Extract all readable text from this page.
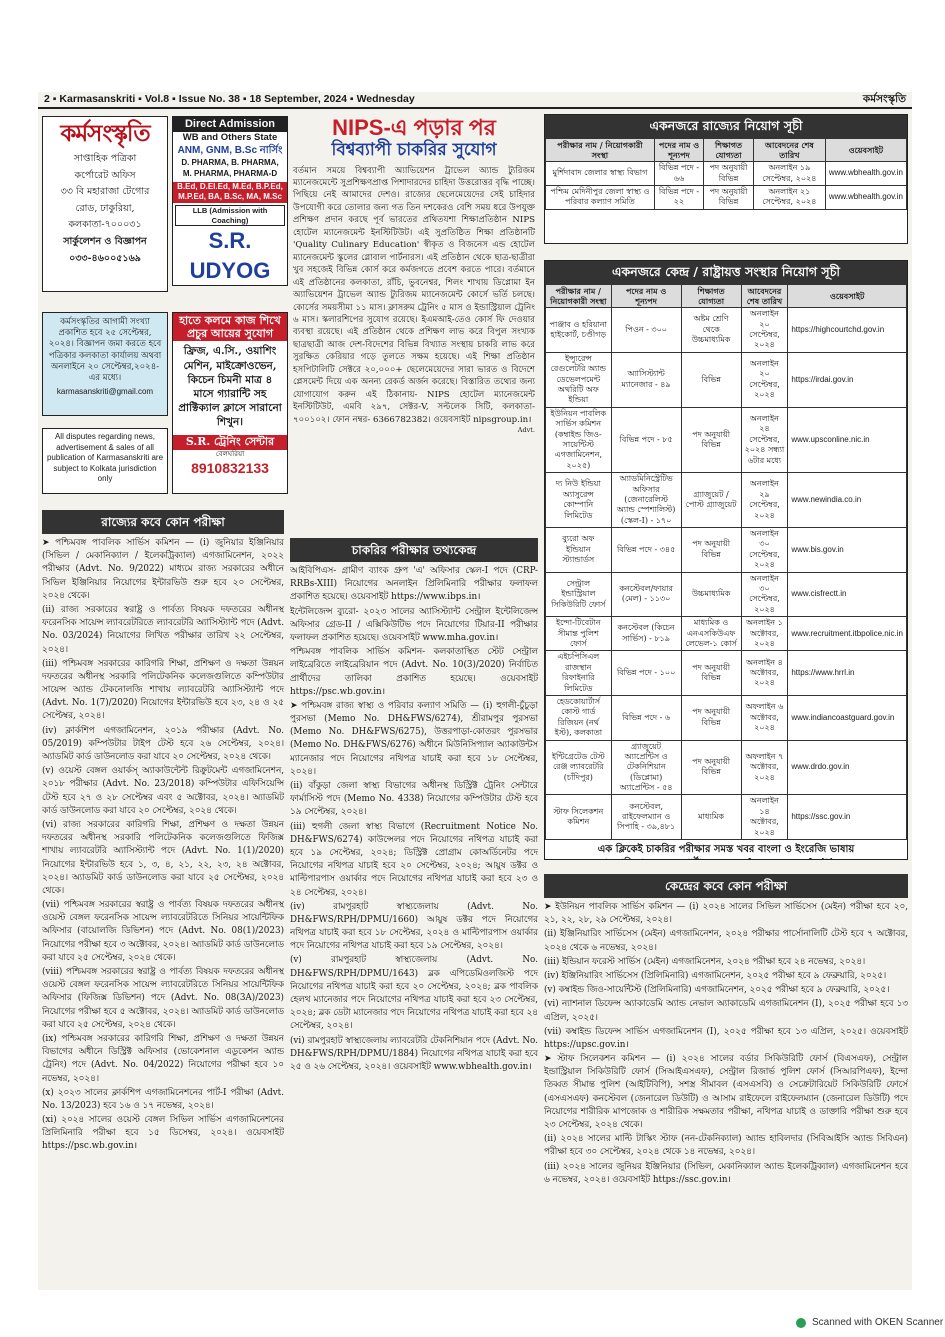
2 ▪ Karmasanskriti ▪ Vol.8 ▪ Issue No. 38 ▪ 18 September, 2024 ▪ Wednesday	কর্মসংস্কৃতি
কর্মসংস্কৃতি
সাপ্তাহিক পত্রিকা
কর্পোরেট অফিস
৩৩ বি মহারাজা টেগোর
রোড, ঢাকুরিয়া,
কলকাতা-৭০০০৩১
সার্কুলেশন ও বিজ্ঞাপন
০৩৩-৪৬০০৫১৬৯
Direct Admission
WB and Others State
ANM, GNM, B.Sc নার্সিং
D. PHARMA, B. PHARMA,
M. PHARMA, PHARMA-D
B.Ed, D.El.Ed, M.Ed, B.P.Ed,
M.P.Ed, BA, B.Sc, MA, M.Sc
LLB (Admission with Coaching)
S.R. UDYOG
কর্মসংস্কৃতির আগামী সংখ্যা প্রকাশিত হবে ২৫ সেপ্টেম্বর, ২০২৪। বিজ্ঞাপন জমা করতে হবে পত্রিকার কলকাতা কার্যালয় অথবা অনলাইনে ২০ সেপ্টেম্বর,২০২৪-এর মধ্যে।
karmasanskriti@gmail.com
All disputes regarding news, advertisement & sales of all publication of Karmasanskriti are subject to Kolkata jurisdiction only
হাতে কলমে কাজ শিখে
প্রচুর আয়ের সুযোগ
ফ্রিজ, এ.সি., ওয়াশিং মেশিন, মাইক্রোওভেন, কিচেন চিমনী মাত্র ৪ মাসে গ্যারান্টি সহ প্রাক্টিক্যাল ক্লাসে সারানো শিখুন।
S.R. ট্রেনিং সেন্টার
বেলঘরিয়া
8910832133
NIPS-এ পড়ার পর
বিশ্বব্যাপী চাকরির সুযোগ

বর্তমান সময়ে বিশ্বব্যাপী অ্যাভিয়েশন ট্রাভেল অ্যান্ড ট্যুরিজম ম্যানেজমেন্টে সুপ্রশিক্ষণপ্রাপ্ত পিশাদারদের চাহিদা উত্তরোত্তর বৃদ্ধি পাচ্ছে। পিছিয়ে নেই আমাদের দেশও। রাজ্যের ছেলেমেয়েদের সেই চাহিদার উপযোগী করে তোলার জন্য গত তিন দশকেরও বেশি সময় ধরে উপযুক্ত প্রশিক্ষণ প্রদান করছে পূর্ব ভারতের প্রথিতযশা শিক্ষাপ্রতিষ্ঠান NIPS হোটেল ম্যানেজমেন্ট ইনস্টিটিউট। এই সুপ্রতিষ্ঠিত শিক্ষা প্রতিষ্ঠানটি 'Quality Culinary Education' স্বীকৃত ও বিজনেস এন্ড হোটেল ম্যানেজমেন্ট স্কুলের গ্লোবাল পার্টনারস। এই প্রতিষ্ঠান থেকে ছাত্র-ছাত্রীরা খুব সহজেই বিভিন্ন কোর্স করে কর্মজগতে প্রবেশ করতে পারে। বর্তমানে এই প্রতিষ্ঠানের কলকাতা, রাঁচি, ভুবনেশ্বর, শিলং শাখায় ডিপ্লোমা ইন অ্যাভিয়েশন ট্রাভেল অ্যান্ড ট্যুরিজম ম্যানেজমেন্ট কোর্সে ভর্তি চলছে। কোর্সের সময়সীমা ১১ মাস। ক্লাসরুম ট্রেনিং ৫ মাস ও ইন্ডাস্ট্রিয়াল ট্রেনিং ৬ মাস। স্কলারশিপের সুযোগ রয়েছে। ইএমআই-তেও কোর্স ফি দেওয়ার ব্যবস্থা রয়েছে। এই প্রতিষ্ঠান থেকে প্রশিক্ষণ লাভ করে বিপুল সংখ্যক ছাত্রছাত্রী আজ দেশ-বিদেশের বিভিন্ন বিখ্যাত সংস্থায় চাকরি লাভ করে সুরক্ষিত কেরিয়ার গড়ে তুলতে সক্ষম হয়েছে। এই শিক্ষা প্রতিষ্ঠান হসপিটালিটি সেক্টরে ২০,০০০+ ছেলেমেয়েদের সারা ভারত ও বিদেশে প্লেসমেন্ট দিয়ে এক অনন্য রেকর্ড অর্জন করেছে। বিস্তারিত তথ্যের জন্য যোগাযোগ করুন এই ঠিকানায়- NIPS হোটেল ম্যানেজমেন্ট ইনস্টিটিউট, এমবি ২৯৭, সেক্টর-V, সল্টলেক সিটি, কলকাতা- ৭০০১০২। ফোন নম্বর- 6366782382। ওয়েবসাইট nipsgroup.in।

Advt.
রাজ্যের কবে কোন পরীক্ষা

➤ পশ্চিমবঙ্গ পাবলিক সার্ভিস কমিশন — (i) জুনিয়ার ইঞ্জিনিয়ার (সিভিল / মেকানিক্যাল / ইলেকট্রিক্যাল) এগজামিনেশন, ২০২২ পরীক্ষার (Advt. No. 9/2022) মাধ্যমে রাজ্য সরকারের অধীনে সিভিল ইঞ্জিনিয়ার নিয়োগের ইন্টারভিউ শুরু হবে ২০ সেপ্টেম্বর, ২০২৪ থেকে।

(ii) রাজ্য সরকারের স্বরাষ্ট্র ও পার্বত্য বিষয়ক দফতরের অধীনস্থ ফরেনসিক সায়েন্স ল্যাবরেটরিতে ল্যাবরেটরি অ্যাসিস্ট্যান্ট পদে (Advt. No. 03/2024) নিয়োগের লিখিত পরীক্ষার তারিখ ২২ সেপ্টেম্বর, ২০২৪।

(iii) পশ্চিমবঙ্গ সরকারের কারিগরি শিক্ষা, প্রশিক্ষণ ও দক্ষতা উন্নয়ন দফতরের অধীনস্থ সরকারি পলিটেকনিক কলেজগুলিতে কম্পিউটার সায়েন্স অ্যান্ড টেকনোলজি শাখায় ল্যাবরেটরি অ্যাসিস্ট্যান্ট পদে (Advt. No. 1(7)/2020) নিয়োগের ইন্টারভিউ হবে ২৩, ২৪ ও ২৫ সেপ্টেম্বর, ২০২৪।

(iv) ক্লার্কশিপ এগজামিনেশন, ২০১৯ পরীক্ষার (Advt. No. 05/2019) কম্পিউটার টাইপ টেস্ট হবে ২৬ সেপ্টেম্বর, ২০২৪। অ্যাডমিট কার্ড ডাউনলোড করা যাবে ২০ সেপ্টেম্বর, ২০২৪ থেকে।

(v) ওয়েস্ট বেঙ্গল ওয়ার্কস্ অ্যাকাউন্টেন্ট রিক্রুটমেন্ট এগজামিনেশন, ২০১৮ পরীক্ষার (Advt. No. 23/2018) কম্পিউটার এফিসিয়েন্সি টেস্ট হবে ২৭ ও ২৮ সেপ্টেম্বর এবং ৫ অক্টোবর, ২০২৪। অ্যাডমিট কার্ড ডাউনলোড করা যাবে ২০ সেপ্টেম্বর, ২০২৪ থেকে।

(vi) রাজ্য সরকারের কারিগরি শিক্ষা, প্রশিক্ষণ ও দক্ষতা উন্নয়ন দফতরের অধীনস্থ সরকারি পলিটেকনিক কলেজগুলিতে ফিজিক্স শাখায় ল্যাবরেটরি অ্যাসিস্ট্যান্ট পদে (Advt. No. 1(1)/2020) নিয়োগের ইন্টারভিউ হবে ১, ৩, ৪, ২১, ২২, ২৩, ২৪ অক্টোবর, ২০২৪। অ্যাডমিট কার্ড ডাউনলোড করা যাবে ২৫ সেপ্টেম্বর, ২০২৪ থেকে।

(vii) পশ্চিমবঙ্গ সরকারের স্বরাষ্ট্র ও পার্বত্য বিষয়ক দফতরের অধীনস্থ ওয়েস্ট বেঙ্গল ফরেনসিক সায়েন্স ল্যাবরেটরিতে সিনিয়র সায়েন্টিফিক অফিসার (বায়োলজি ডিভিশন) পদে (Advt. No. 08(1)/2023) নিয়োগের পরীক্ষা হবে ৩ অক্টোবর, ২০২৪। অ্যাডমিট কার্ড ডাউনলোড করা যাবে ২৫ সেপ্টেম্বর, ২০২৪ থেকে।

(viii) পশ্চিমবঙ্গ সরকারের স্বরাষ্ট্র ও পার্বত্য বিষয়ক দফতরের অধীনস্থ ওয়েস্ট বেঙ্গল ফরেনসিক সায়েন্স ল্যাবরেটরিতে সিনিয়র সায়েন্টিফিক অফিসার (ফিজিক্স ডিভিশন) পদে (Advt. No. 08(3A)/2023) নিয়োগের পরীক্ষা হবে ৫ অক্টোবর, ২০২৪। অ্যাডমিট কার্ড ডাউনলোড করা যাবে ২৫ সেপ্টেম্বর, ২০২৪ থেকে।

(ix) পশ্চিমবঙ্গ সরকারের কারিগরি শিক্ষা, প্রশিক্ষণ ও দক্ষতা উন্নয়ন বিভাগের অধীনে ডিস্ট্রিক্ট অফিসার (ভোকেশনাল এডুকেশন অ্যান্ড ট্রেনিং) পদে (Advt. No. 04/2022) নিয়োগের পরীক্ষা হবে ১০ নভেম্বর, ২০২৪।

(x) ২০২৩ সালের ক্লার্কশিপ এগজামিনেশনের পার্ট-I পরীক্ষা (Advt. No. 13/2023) হবে ১৬ ও ১৭ নভেম্বর, ২০২৪।

(xi) ২০২৪ সালের ওয়েস্ট বেঙ্গল সিভিল সার্ভিস এগজামিনেশনের প্রিলিমিনারি পরীক্ষা হবে ১৫ ডিসেম্বর, ২০২৪। ওয়েবসাইট https://psc.wb.gov.in।

চাকরির পরীক্ষার তথ্যকেন্দ্র

আইবিপিএস- গ্রামীণ ব্যাংক গ্রুপ 'এ' অফিসার স্কেল-I পদে (CRP-RRBs-XIII) নিয়োগের অনলাইন প্রিলিমিনারি পরীক্ষার ফলাফল প্রকাশিত হয়েছে। ওয়েবসাইট https://www.ibps.in।

ইন্টেলিজেন্স ব্যুরো- ২০২৩ সালের অ্যাসিস্ট্যান্ট সেন্ট্রাল ইন্টেলিজেন্স অফিসার গ্রেড-II / এক্সিকিউটিভ পদে নিয়োগের টিয়ার-II পরীক্ষার ফলাফল প্রকাশিত হয়েছে। ওয়েবসাইট www.mha.gov.in।

পশ্চিমবঙ্গ পাবলিক সার্ভিস কমিশন- কলকাতাস্থিত স্টেট সেন্ট্রাল লাইব্রেরিতে লাইব্রেরিয়ান পদে (Advt. No. 10(3)/2020) নির্বাচিত প্রার্থীদের তালিকা প্রকাশিত হয়েছে। ওয়েবসাইট https://psc.wb.gov.in।

➤ পশ্চিমবঙ্গ রাজ্য স্বাস্থ্য ও পরিবার কল্যাণ সমিতি — (i) হুগলী-চুঁচুড়া পুরসভা (Memo No. DH&FWS/6274), শ্রীরামপুর পুরসভা (Memo No. DH&FWS/6275), উত্তরপাড়া-কোতরং পুরসভার (Memo No. DH&FWS/6276) অধীনে মিউনিসিপ্যাল অ্যাকাউন্টস ম্যানেজার পদে নিয়োগের নথিপত্র যাচাই করা হবে ১৮ সেপ্টেম্বর, ২০২৪।

(ii) বাঁকুড়া জেলা স্বাস্থ্য বিভাগের অধীনস্থ ডিস্ট্রিক্ট ট্রেনিং সেন্টারে ফার্মাসিস্ট পদে (Memo No. 4338) নিয়োগের কম্পিউটার টেস্ট হবে ১৯ সেপ্টেম্বর, ২০২৪।

(iii) হুগলী জেলা স্বাস্থ্য বিভাগে (Recruitment Notice No. DH&FWS/6274) কাউন্সেলর পদে নিয়োগের নথিপত্র যাচাই করা হবে ১৯ সেপ্টেম্বর, ২০২৪; ডিস্ট্রিক্ট প্রোগ্রাম কোঅর্ডিনেটর পদে নিয়োগের নথিপত্র যাচাই হবে ২০ সেপ্টেম্বর, ২০২৪; আয়ুষ ডক্টর ও মাল্টিপারপাস ওয়ার্কার পদে নিয়োগের নথিপত্র যাচাই করা হবে ২৩ ও ২৪ সেপ্টেম্বর, ২০২৪।

(iv) রামপুরহাট স্বাস্থ্যজেলায় (Advt. No. DH&FWS/RPH/DPMU/1660) আয়ুষ ডক্টর পদে নিয়োগের নথিপত্র যাচাই করা হবে ১৮ সেপ্টেম্বর, ২০২৪ ও মাল্টিপারপাস ওয়ার্কার পদে নিয়োগের নথিপত্র যাচাই করা হবে ১৯ সেপ্টেম্বর, ২০২৪।

(v) রামপুরহাট স্বাস্থ্যজেলায় (Advt. No. DH&FWS/RPH/DPMU/1643) ব্লক এপিডেমিওলজিস্ট পদে নিয়োগের নথিপত্র যাচাই করা হবে ২০ সেপ্টেম্বর, ২০২৪; ব্লক পাবলিক হেলথ ম্যানেজার পদে নিয়োগের নথিপত্র যাচাই করা হবে ২৩ সেপ্টেম্বর, ২০২৪; ব্লক ডেটা ম্যানেজার পদে নিয়োগের নথিপত্র যাচাই করা হবে ২৪ সেপ্টেম্বর, ২০২৪।

(vi) রামপুরহাট স্বাস্থ্যজেলায় ল্যাবরেটরি টেকনিশিয়ান পদে (Advt. No. DH&FWS/RPH/DPMU/1884) নিয়োগের নথিপত্র যাচাই করা হবে ২৫ ও ২৬ সেপ্টেম্বর, ২০২৪। ওয়েবসাইট www.wbhealth.gov.in।

একনজরে রাজ্যের নিয়োগ সূচী
পরীক্ষার নাম / নিয়োগকারী সংস্থা	পদের নাম ও শূন্যপদ	শিক্ষাগত যোগ্যতা	আবেদনের শেষ তারিখ	ওয়েবসাইট
মুর্শিদাবাদ জেলার স্বাস্থ্য বিভাগ	বিভিন্ন পদে - ৬৬	পদ অনুযায়ী বিভিন্ন	অনলাইন ১৯ সেপ্টেম্বর, ২০২৪	www.wbhealth.gov.in
পশ্চিম মেদিনীপুর জেলা স্বাস্থ্য ও পরিবার কল্যাণ সমিতি	বিভিন্ন পদে - ২২	পদ অনুযায়ী বিভিন্ন	অনলাইন ২১ সেপ্টেম্বর, ২০২৪	www.wbhealth.gov.in
একনজরে কেন্দ্র / রাষ্ট্রায়ত্ত সংস্থার নিয়োগ সূচী
পরীক্ষার নাম / নিয়োগকারী সংস্থা	পদের নাম ও শূন্যপদ	শিক্ষাগত যোগ্যতা	আবেদনের শেষ তারিখ	ওয়েবসাইট
পাঞ্জাব ও হরিয়ানা হাইকোর্ট, চণ্ডীগড়	পিওন - ৩০০	অষ্টম শ্রেণি থেকে উচ্চমাধ্যমিক	অনলাইন ২০ সেপ্টেম্বর, ২০২৪	https://highcourtchd.gov.in
ইন্স্যুরেন্স রেগুলেটরি অ্যান্ড ডেভেলপমেন্ট অথরিটি অফ ইন্ডিয়া	অ্যাসিস্ট্যান্ট ম্যানেজার - ৪৯	বিভিন্ন	অনলাইন ২০ সেপ্টেম্বর, ২০২৪	https://irdai.gov.in
ইউনিয়ন পাবলিক সার্ভিস কমিশন (কম্বাইন্ড জিও-সায়েন্টিস্ট এগজামিনেশন, ২০২৫)	বিভিন্ন পদে - ৮৫	পদ অনুযায়ী বিভিন্ন	অনলাইন ২৪ সেপ্টেম্বর, ২০২৪ সন্ধ্যা ৬টার মধ্যে	www.upsconline.nic.in
দ্য নিউ ইন্ডিয়া অ্যাসুরেন্স কোম্পানি লিমিটেড	অ্যাডমিনিস্ট্রেটিভ অফিসার (জেনারেলিস্ট অ্যান্ড স্পেশালিস্ট) (স্কেল-I) - ১৭০	গ্র্যাজুয়েট / পোস্ট গ্র্যাজুয়েট	অনলাইন ২৯ সেপ্টেম্বর, ২০২৪	www.newindia.co.in
ব্যুরো অফ ইন্ডিয়ান স্ট্যান্ডার্ডস	বিভিন্ন পদে - ৩৪৫	পদ অনুযায়ী বিভিন্ন	অনলাইন ৩০ সেপ্টেম্বর, ২০২৪	www.bis.gov.in
সেন্ট্রাল ইন্ডাস্ট্রিয়াল সিকিউরিটি ফোর্স	কনস্টেবল/ফায়ার (মেল) - ১১৩০	উচ্চমাধ্যমিক	অনলাইন ৩০ সেপ্টেম্বর, ২০২৪	www.cisfrectt.in
ইন্দো-টিবেটান সীমান্ত পুলিশ ফোর্স	কনস্টেবল (কিচেন সার্ভিস) - ৮১৯	মাধ্যমিক ও এনএসকিউএফ লেভেল-১ কোর্স	অনলাইন ১ অক্টোবর, ২০২৪	www.recruitment.itbpolice.nic.in
এইচপিসিএল রাজস্থান রিফাইনারি লিমিটেড	বিভিন্ন পদে - ১০০	পদ অনুযায়ী বিভিন্ন	অনলাইন ৪ অক্টোবর, ২০২৪	https://www.hrrl.in
হেডকোয়ার্টার্স কোস্ট গার্ড রিজিয়ন (নর্থ ইস্ট), কলকাতা	বিভিন্ন পদে - ৬	পদ অনুযায়ী বিভিন্ন	অফলাইন ৬ অক্টোবর, ২০২৪	www.indiancoastguard.gov.in
ইন্টিগ্রেটেড টেস্ট রেঞ্জ ল্যাবরেটরি (চাঁদিপুর)	গ্র্যাজুয়েট অ্যাপ্রেন্টিস ও টেকনিশিয়ান (ডিপ্লোমা) অ্যাপ্রেন্টিস - ৫৪	পদ অনুযায়ী বিভিন্ন	অফলাইন ৭ অক্টোবর, ২০২৪	www.drdo.gov.in
স্টাফ সিলেকশন কমিশন	কনস্টেবল, রাইফেলম্যান ও সিপাহি - ৩৯,৪৮১	মাধ্যমিক	অনলাইন ১৪ অক্টোবর, ২০২৪	https://ssc.gov.in
এক ক্লিকেই চাকরির পরীক্ষার সমস্ত খবর বাংলা ও ইংরেজি ভাষায়
কেন্দ্রের কবে কোন পরীক্ষা

➤ ইউনিয়ন পাবলিক সার্ভিস কমিশন — (i) ২০২৪ সালের সিভিল সার্ভিসেস (মেইন) পরীক্ষা হবে ২০, ২১, ২২, ২৮, ২৯ সেপ্টেম্বর, ২০২৪।

(ii) ইঞ্জিনিয়ারিং সার্ভিসেস (মেইন) এগজামিনেশন, ২০২৪ পরীক্ষার পার্সোনালিটি টেস্ট হবে ৭ অক্টোবর, ২০২৪ থেকে ৬ নভেম্বর, ২০২৪।

(iii) ইন্ডিয়ান ফরেস্ট সার্ভিস (মেইন) এগজামিনেশন, ২০২৪ পরীক্ষা হবে ২৪ নভেম্বর, ২০২৪।

(iv) ইঞ্জিনিয়ারিং সার্ভিসেস (প্রিলিমিনারি) এগজামিনেশন, ২০২৫ পরীক্ষা হবে ৯ ফেব্রুয়ারি, ২০২৫।

(v) কম্বাইন্ড জিও-সায়েন্টিস্ট (প্রিলিমিনারি) এগজামিনেশন, ২০২৫ পরীক্ষা হবে ৯ ফেব্রুয়ারি, ২০২৫।

(vi) ন্যাশনাল ডিফেন্স অ্যাকাডেমি অ্যান্ড নেভাল অ্যাকাডেমি এগজামিনেশন (I), ২০২৫ পরীক্ষা হবে ১৩ এপ্রিল, ২০২৫।

(vii) কম্বাইন্ড ডিফেন্স সার্ভিস এগজামিনেশন (I), ২০২৫ পরীক্ষা হবে ১৩ এপ্রিল, ২০২৫। ওয়েবসাইট https://upsc.gov.in।

➤ স্টাফ সিলেকশন কমিশন — (i) ২০২৪ সালের বর্ডার সিকিউরিটি ফোর্স (বিএসএফ), সেন্ট্রাল ইন্ডাস্ট্রিয়াল সিকিউরিটি ফোর্স (সিআইএসএফ), সেন্ট্রাল রিজার্ভ পুলিশ ফোর্স (সিআরপিএফ), ইন্দো তিব্বত সীমান্ত পুলিশ (আইটিবিপি), সশস্ত্র সীমাবল (এসএসবি) ও সেক্রেটারিয়েট সিকিউরিটি ফোর্সে (এসএসএফ) কনস্টেবল (জেনারেল ডিউটি) ও আসাম রাইফেলে রাইফেলম্যান (জেনারেল ডিউটি) পদে নিয়োগের শারীরিক মাপজোক ও শারীরিক সক্ষমতার পরীক্ষা, নথিপত্র যাচাই ও ডাক্তারি পরীক্ষা শুরু হবে ২৩ সেপ্টেম্বর, ২০২৪ থেকে।

(ii) ২০২৪ সালের মাল্টি টাস্কিং স্টাফ (নন-টেকনিক্যাল) অ্যান্ড হাবিলদার (সিবিআইসি অ্যান্ড সিবিএন) পরীক্ষা হবে ৩০ সেপ্টেম্বর, ২০২৪ থেকে ১৪ নভেম্বর, ২০২৪।

(iii) ২০২৪ সালের জুনিয়র ইঞ্জিনিয়ার (সিভিল, মেকানিক্যাল অ্যান্ড ইলেকট্রিক্যাল) এগজামিনেশন হবে ৬ নভেম্বর, ২০২৪। ওয়েবসাইট https://ssc.gov.in।

Scanned with OKEN Scanner
